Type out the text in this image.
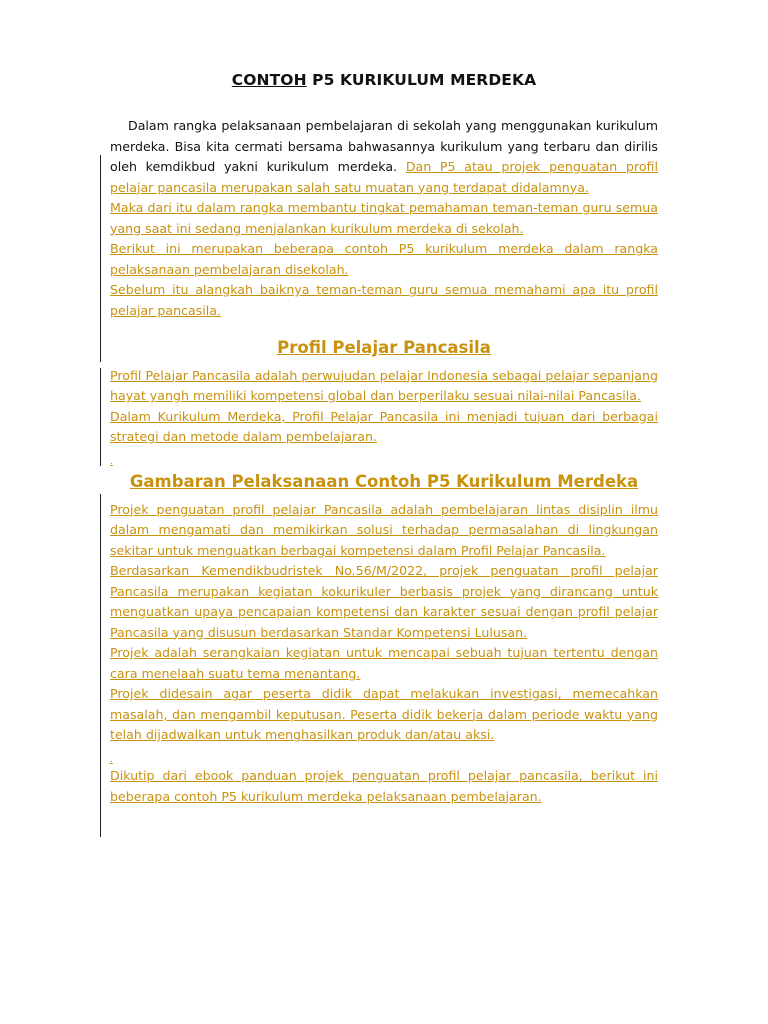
CONTOH P5 KURIKULUM MERDEKA

Dalam rangka pelaksanaan pembelajaran di sekolah yang menggunakan kurikulum merdeka. Bisa kita cermati bersama bahwasannya kurikulum yang terbaru dan dirilis oleh kemdikbud yakni kurikulum merdeka. Dan P5 atau projek penguatan profil pelajar pancasila merupakan salah satu muatan yang terdapat didalamnya.

Maka dari itu dalam rangka membantu tingkat pemahaman teman-teman guru semua yang saat ini sedang menjalankan kurikulum merdeka di sekolah.

Berikut ini merupakan beberapa contoh P5 kurikulum merdeka dalam rangka pelaksanaan pembelajaran disekolah.

Sebelum itu alangkah baiknya teman-teman guru semua memahami apa itu profil pelajar pancasila.

Profil Pelajar Pancasila

Profil Pelajar Pancasila adalah perwujudan pelajar Indonesia sebagai pelajar sepanjang hayat yangh memiliki kompetensi global dan berperilaku sesuai nilai-nilai Pancasila.

Dalam Kurikulum Merdeka, Profil Pelajar Pancasila ini menjadi tujuan dari berbagai strategi dan metode dalam pembelajaran.

.

Gambaran Pelaksanaan Contoh P5 Kurikulum Merdeka

Projek penguatan profil pelajar Pancasila adalah pembelajaran lintas disiplin ilmu dalam mengamati dan memikirkan solusi terhadap permasalahan di lingkungan sekitar untuk menguatkan berbagai kompetensi dalam Profil Pelajar Pancasila.

Berdasarkan Kemendikbudristek No.56/M/2022, projek penguatan profil pelajar Pancasila merupakan kegiatan kokurikuler berbasis projek yang dirancang untuk menguatkan upaya pencapaian kompetensi dan karakter sesuai dengan profil pelajar Pancasila yang disusun berdasarkan Standar Kompetensi Lulusan.

Projek adalah serangkaian kegiatan untuk mencapai sebuah tujuan tertentu dengan cara menelaah suatu tema menantang.

Projek didesain agar peserta didik dapat melakukan investigasi, memecahkan masalah, dan mengambil keputusan. Peserta didik bekerja dalam periode waktu yang telah dijadwalkan untuk menghasilkan produk dan/atau aksi.

.

Dikutip dari ebook panduan projek penguatan profil pelajar pancasila, berikut ini beberapa contoh P5 kurikulum merdeka pelaksanaan pembelajaran.
